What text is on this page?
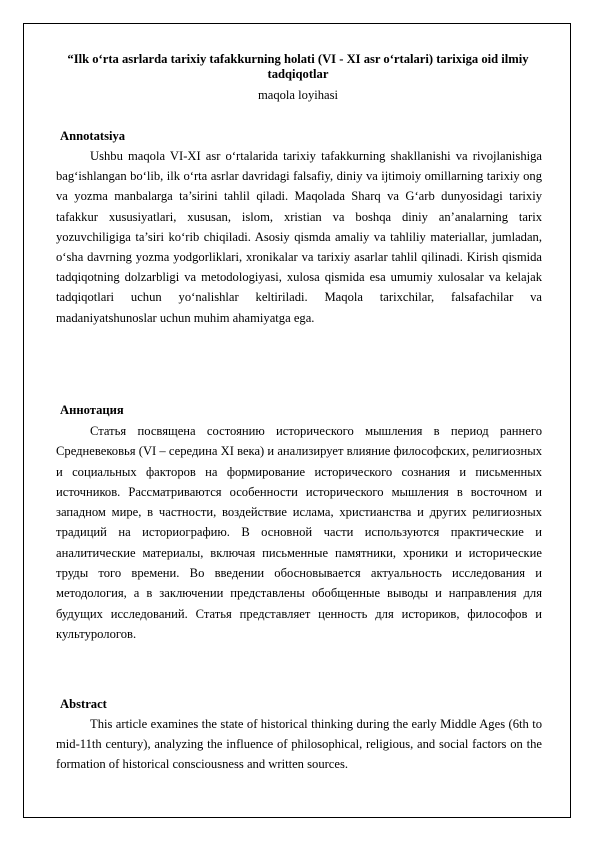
“Ilk o‘rta asrlarda tarixiy tafakkurning holati (VI - XI asr o‘rtalari) tarixiga oid ilmiy tadqiqotlar
maqola loyihasi
Annotatsiya

Ushbu maqola VI-XI asr o‘rtalarida tarixiy tafakkurning shakllanishi va rivojlanishiga bag‘ishlangan bo‘lib, ilk o‘rta asrlar davridagi falsafiy, diniy va ijtimoiy omillarning tarixiy ong va yozma manbalarga ta’sirini tahlil qiladi. Maqolada Sharq va G‘arb dunyosidagi tarixiy tafakkur xususiyatlari, xususan, islom, xristian va boshqa diniy an’analarning tarix yozuvchiligiga ta’siri ko‘rib chiqiladi. Asosiy qismda amaliy va tahliliy materiallar, jumladan, o‘sha davrning yozma yodgorliklari, xronikalar va tarixiy asarlar tahlil qilinadi. Kirish qismida tadqiqotning dolzarbligi va metodologiyasi, xulosa qismida esa umumiy xulosalar va kelajak tadqiqotlari uchun yo‘nalishlar keltiriladi. Maqola tarixchilar, falsafachilar va madaniyatshunoslar uchun muhim ahamiyatga ega.

Аннотация

Статья посвящена состоянию исторического мышления в период раннего Средневековья (VI – середина XI века) и анализирует влияние философских, религиозных и социальных факторов на формирование исторического сознания и письменных источников. Рассматриваются особенности исторического мышления в восточном и западном мире, в частности, воздействие ислама, христианства и других религиозных традиций на историографию. В основной части используются практические и аналитические материалы, включая письменные памятники, хроники и исторические труды того времени. Во введении обосновывается актуальность исследования и методология, а в заключении представлены обобщенные выводы и направления для будущих исследований. Статья представляет ценность для историков, философов и культурологов.

Abstract

This article examines the state of historical thinking during the early Middle Ages (6th to mid-11th century), analyzing the influence of philosophical, religious, and social factors on the formation of historical consciousness and written sources.
